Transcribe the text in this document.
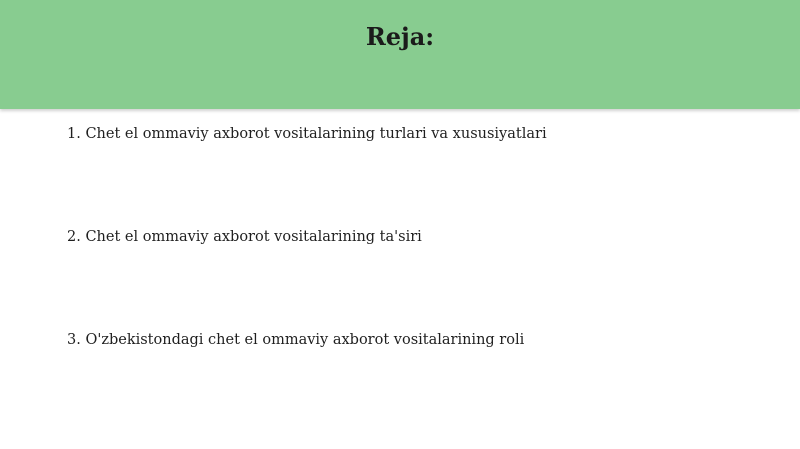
Reja:
1. Chet el ommaviy axborot vositalarining turlari va xususiyatlari
2. Chet el ommaviy axborot vositalarining ta'siri
3. O'zbekistondagi chet el ommaviy axborot vositalarining roli
